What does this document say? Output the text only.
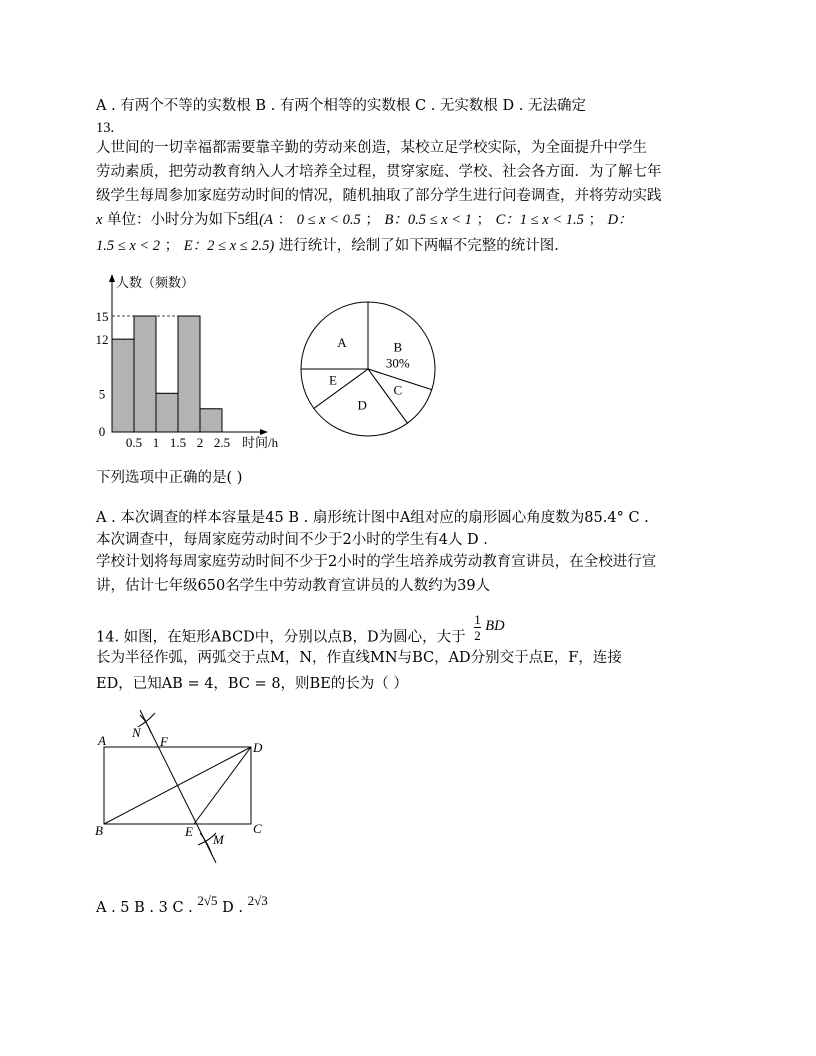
A . 有两个不等的实数根 B . 有两个相等的实数根 C . 无实数根 D . 无法确定
13.
人世间的一切幸福都需要靠辛勤的劳动来创造，某校立足学校实际，为全面提升中学生
劳动素质，把劳动教育纳入人才培养全过程，贯穿家庭、学校、社会各方面．为了解七年
级学生每周参加家庭劳动时间的情况，随机抽取了部分学生进行问卷调查，并将劳动实践
x 单位：小时分为如下5组(A ： 0 ≤ x < 0.5 ； B：0.5 ≤ x < 1 ； C：1 ≤ x < 1.5 ； D：
1.5 ≤ x < 2 ； E：2 ≤ x ≤ 2.5) 进行统计，绘制了如下两幅不完整的统计图.
人数（频数）
时间/h
0
5
12
15
0.5 1 1.5 2 2.5
B
30%
C
D
E
A
下列选项中正确的是( )
A . 本次调查的样本容量是45 B . 扇形统计图中A组对应的扇形圆心角度数为85.4° C .
本次调查中，每周家庭劳动时间不少于2小时的学生有4人 D .
学校计划将每周家庭劳动时间不少于2小时的学生培养成劳动教育宣讲员，在全校进行宣
讲，估计七年级650名学生中劳动教育宣讲员的人数约为39人
14. 如图，在矩形ABCD中，分别以点B，D为圆心，大于 $\frac{1}{2}$ BD
长为半径作弧，两弧交于点M，N，作直线MN与BC，AD分别交于点E，F，连接
ED，已知AB = 4，BC = 8，则BE的长为（ ）
A
N
F	D
B	E	C
M
A . 5 B . 3 C . 2√5 D . 2√3
